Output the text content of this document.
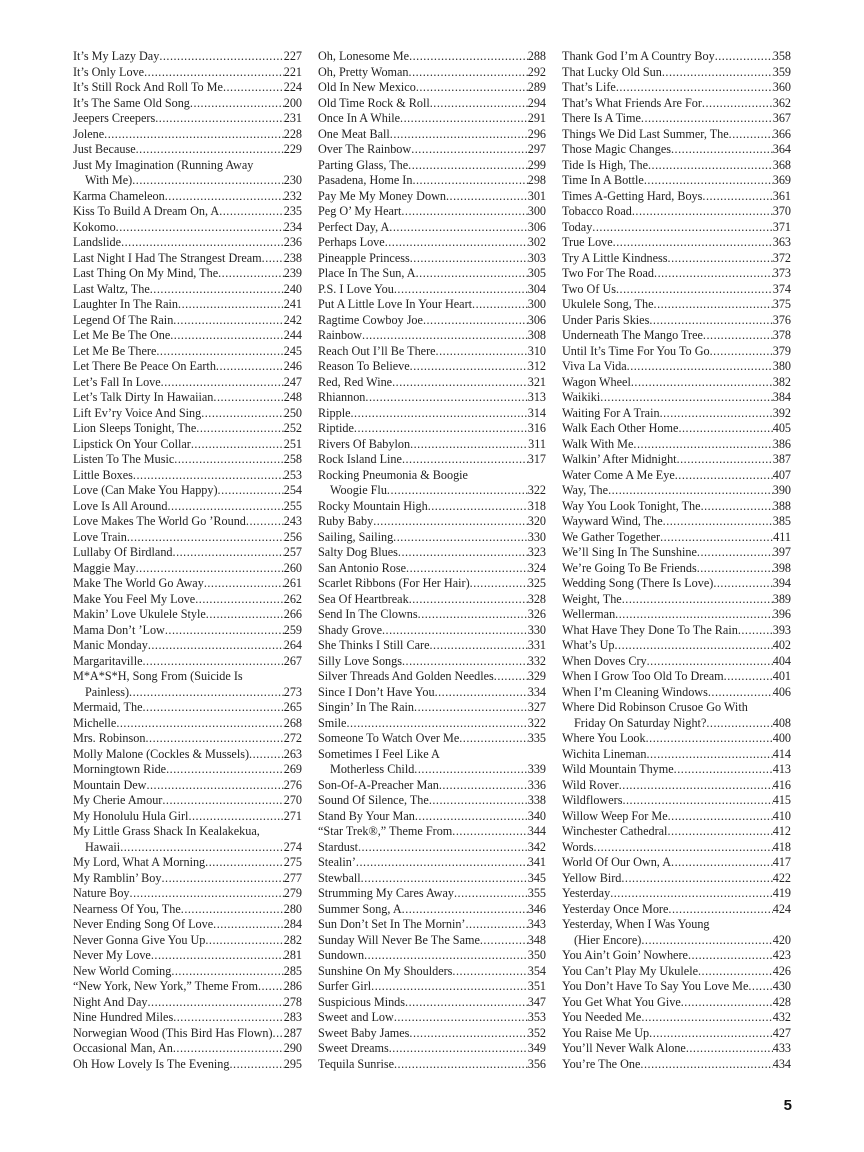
It’s My Lazy Day .....	227
It’s Only Love .....	221
It’s Still Rock And Roll To Me .....	224
It’s The Same Old Song .....	200
Jeepers Creepers .....	231
Jolene .....	228
Just Because .....	229
Just My Imagination (Running Away
With Me) .....	230
Karma Chameleon .....	232
Kiss To Build A Dream On, A .....	235
Kokomo .....	234
Landslide .....	236
Last Night I Had The Strangest Dream ..... 238
Last Thing On My Mind, The .....	239
Last Waltz, The .....	240
Laughter In The Rain .....	241
Legend Of The Rain .....	242
Let Me Be The One .....	244
Let Me Be There .....	245
Let There Be Peace On Earth .....	246
Let’s Fall In Love .....	247
Let’s Talk Dirty In Hawaiian .....	248
Lift Ev’ry Voice And Sing .....	250
Lion Sleeps Tonight, The .....	252
Lipstick On Your Collar .....	251
Listen To The Music .....	258
Little Boxes .....	253
Love (Can Make You Happy) .....	254
Love Is All Around .....	255
Love Makes The World Go ’Round .....	243
Love Train .....	256
Lullaby Of Birdland .....	257
Maggie May .....	260
Make The World Go Away .....	261
Make You Feel My Love .....	262
Makin’ Love Ukulele Style .....	266
Mama Don’t ’Low .....	259
Manic Monday .....	264
Margaritaville .....	267
M*A*S*H, Song From (Suicide Is
Painless) .....	273
Mermaid, The .....	265
Michelle .....	268
Mrs. Robinson .....	272
Molly Malone (Cockles & Mussels) .....	263
Morningtown Ride .....	269
Mountain Dew .....	276
My Cherie Amour .....	270
My Honolulu Hula Girl .....	271
My Little Grass Shack In Kealakekua,
Hawaii .....	274
My Lord, What A Morning .....	275
My Ramblin’ Boy .....	277
Nature Boy .....	279
Nearness Of You, The .....	280
Never Ending Song Of Love .....	284
Never Gonna Give You Up .....	282
Never My Love .....	281
New World Coming .....	285
“New York, New York,” Theme From ..... 286
Night And Day .....	278
Nine Hundred Miles .....	283
Norwegian Wood (This Bird Has Flown) ..... 287
Occasional Man, An .....	290
Oh How Lovely Is The Evening .....	295
Oh, Lonesome Me .....	288
Oh, Pretty Woman .....	292
Old In New Mexico .....	289
Old Time Rock & Roll .....	294
Once In A While .....	291
One Meat Ball .....	296
Over The Rainbow .....	297
Parting Glass, The .....	299
Pasadena, Home In .....	298
Pay Me My Money Down .....	301
Peg O’ My Heart .....	300
Perfect Day, A .....	306
Perhaps Love .....	302
Pineapple Princess .....	303
Place In The Sun, A .....	305
P.S. I Love You .....	304
Put A Little Love In Your Heart .....	300
Ragtime Cowboy Joe .....	306
Rainbow .....	308
Reach Out I’ll Be There .....	310
Reason To Believe .....	312
Red, Red Wine .....	321
Rhiannon .....	313
Ripple .....	314
Riptide .....	316
Rivers Of Babylon .....	311
Rock Island Line .....	317
Rocking Pneumonia & Boogie
Woogie Flu .....	322
Rocky Mountain High .....	318
Ruby Baby .....	320
Sailing, Sailing .....	330
Salty Dog Blues .....	323
San Antonio Rose .....	324
Scarlet Ribbons (For Her Hair) .....	325
Sea Of Heartbreak .....	328
Send In The Clowns .....	326
Shady Grove .....	330
She Thinks I Still Care .....	331
Silly Love Songs .....	332
Silver Threads And Golden Needles .....	329
Since I Don’t Have You .....	334
Singin’ In The Rain .....	327
Smile .....	322
Someone To Watch Over Me .....	335
Sometimes I Feel Like A
Motherless Child .....	339
Son-Of-A-Preacher Man .....	336
Sound Of Silence, The .....	338
Stand By Your Man .....	340
“Star Trek®,” Theme From .....	344
Stardust .....	342
Stealin’ .....	341
Stewball .....	345
Strumming My Cares Away .....	355
Summer Song, A .....	346
Sun Don’t Set In The Mornin’ .....	343
Sunday Will Never Be The Same .....	348
Sundown .....	350
Sunshine On My Shoulders .....	354
Surfer Girl .....	351
Suspicious Minds .....	347
Sweet and Low .....	353
Sweet Baby James .....	352
Sweet Dreams .....	349
Tequila Sunrise .....	356
Thank God I’m A Country Boy .....	358
That Lucky Old Sun .....	359
That’s Life .....	360
That’s What Friends Are For .....	362
There Is A Time .....	367
Things We Did Last Summer, The .....	366
Those Magic Changes .....	364
Tide Is High, The .....	368
Time In A Bottle .....	369
Times A-Getting Hard, Boys .....	361
Tobacco Road .....	370
Today .....	371
True Love .....	363
Try A Little Kindness .....	372
Two For The Road .....	373
Two Of Us .....	374
Ukulele Song, The .....	375
Under Paris Skies .....	376
Underneath The Mango Tree .....	378
Until It’s Time For You To Go .....	379
Viva La Vida .....	380
Wagon Wheel .....	382
Waikiki .....	384
Waiting For A Train .....	392
Walk Each Other Home .....	405
Walk With Me .....	386
Walkin’ After Midnight .....	387
Water Come A Me Eye .....	407
Way, The .....	390
Way You Look Tonight, The .....	388
Wayward Wind, The .....	385
We Gather Together .....	411
We’ll Sing In The Sunshine .....	397
We’re Going To Be Friends .....	398
Wedding Song (There Is Love) .....	394
Weight, The .....	389
Wellerman .....	396
What Have They Done To The Rain .....	393
What’s Up .....	402
When Doves Cry .....	404
When I Grow Too Old To Dream .....	401
When I’m Cleaning Windows .....	406
Where Did Robinson Crusoe Go With
Friday On Saturday Night? .....	408
Where You Look .....	400
Wichita Lineman .....	414
Wild Mountain Thyme .....	413
Wild Rover .....	416
Wildflowers .....	415
Willow Weep For Me .....	410
Winchester Cathedral .....	412
Words .....	418
World Of Our Own, A .....	417
Yellow Bird .....	422
Yesterday .....	419
Yesterday Once More .....	424
Yesterday, When I Was Young
(Hier Encore) .....	420
You Ain’t Goin’ Nowhere .....	423
You Can’t Play My Ukulele .....	426
You Don’t Have To Say You Love Me ..... 430
You Get What You Give .....	428
You Needed Me .....	432
You Raise Me Up .....	427
You’ll Never Walk Alone .....	433
You’re The One .....	434
5
